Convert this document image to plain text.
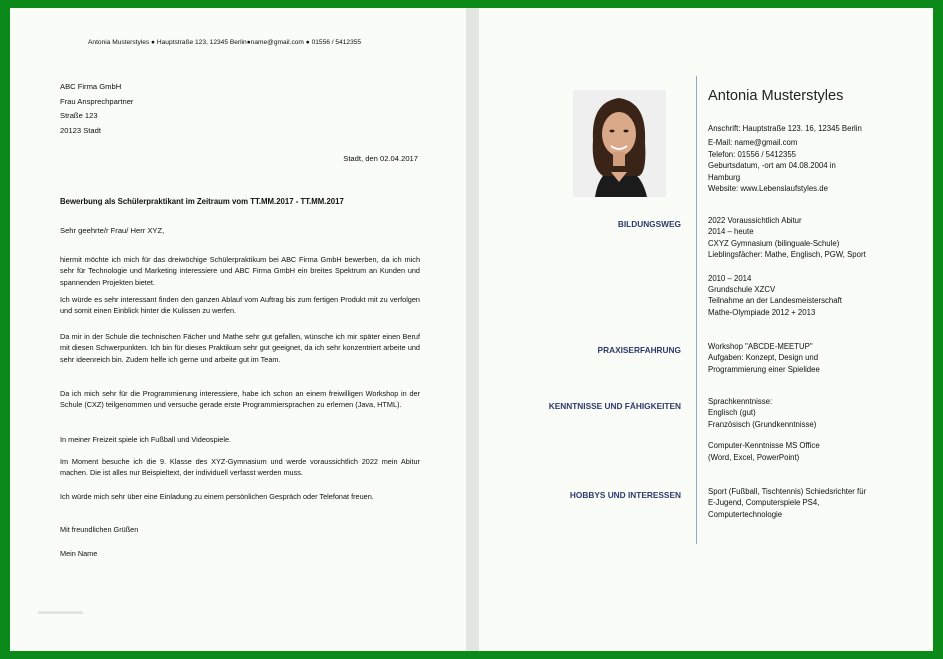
Antonia Musterstyles ● Hauptstraße 123, 12345 Berlin●name@gmail.com ● 01556 / 5412355
ABC Firma GmbH
Frau Ansprechpartner
Straße 123
20123 Stadt
Stadt, den 02.04.2017
Bewerbung als Schülerpraktikant im Zeitraum vom TT.MM.2017 - TT.MM.2017
Sehr geehrte/r Frau/ Herr XYZ,
hiermit möchte ich mich für das dreiwöchige Schülerpraktikum bei ABC Firma GmbH bewerben, da ich mich sehr für Technologie und Marketing interessiere und ABC Firma GmbH ein breites Spektrum an Kunden und spannenden Projekten bietet.
Ich würde es sehr interessant finden den ganzen Ablauf vom Auftrag bis zum fertigen Produkt mit zu verfolgen und somit einen Einblick hinter die Kulissen zu werfen.
Da mir in der Schule die technischen Fächer und Mathe sehr gut gefallen, wünsche ich mir später einen Beruf mit diesen Schwerpunkten. Ich bin für dieses Praktikum sehr gut geeignet, da ich sehr konzentriert arbeite und sehr ideenreich bin. Zudem helfe ich gerne und arbeite gut im Team.
Da ich mich sehr für die Programmierung interessiere, habe ich schon an einem freiwilligen Workshop in der Schule (CXZ) teilgenommen und versuche gerade erste Programmiersprachen zu erlernen (Java, HTML).
In meiner Freizeit spiele ich Fußball und Videospiele.
Im Moment besuche ich die 9. Klasse des XYZ-Gymnasium und werde voraussichtlich 2022 mein Abitur machen. Die ist alles nur Beispieltext, der individuell verfasst werden muss.
Ich würde mich sehr über eine Einladung zu einem persönlichen Gespräch oder Telefonat freuen.
Mit freundlichen Grüßen
Mein Name
▬▬▬▬▬
Antonia Musterstyles
Anschrift: Hauptstraße 123. 16, 12345 Berlin
E-Mail: name@gmail.com
Telefon: 01556 / 5412355
Geburtsdatum, -ort am 04.08.2004 in
Hamburg
Website: www.Lebenslaufstyles.de
BILDUNGSWEG	2022 Voraussichtlich Abitur
2014 – heute
CXYZ Gymnasium (bilinguale-Schule)
Lieblingsfächer: Mathe, Englisch, PGW, Sport
2010 – 2014
Grundschule XZCV
Teilnahme an der Landesmeisterschaft
Mathe-Olympiade 2012 + 2013
PRAXISERFAHRUNG	Workshop "ABCDE-MEETUP"
Aufgaben: Konzept, Design und
Programmierung einer Spielidee
KENNTNISSE UND FÄHIGKEITEN	Sprachkenntnisse:
Englisch (gut)
Französisch (Grundkenntnisse)
Computer-Kenntnisse MS Office
(Word, Excel, PowerPoint)
HOBBYS UND INTERESSEN	Sport (Fußball, Tischtennis) Schiedsrichter für
E-Jugend, Computerspiele PS4,
Computertechnologie
